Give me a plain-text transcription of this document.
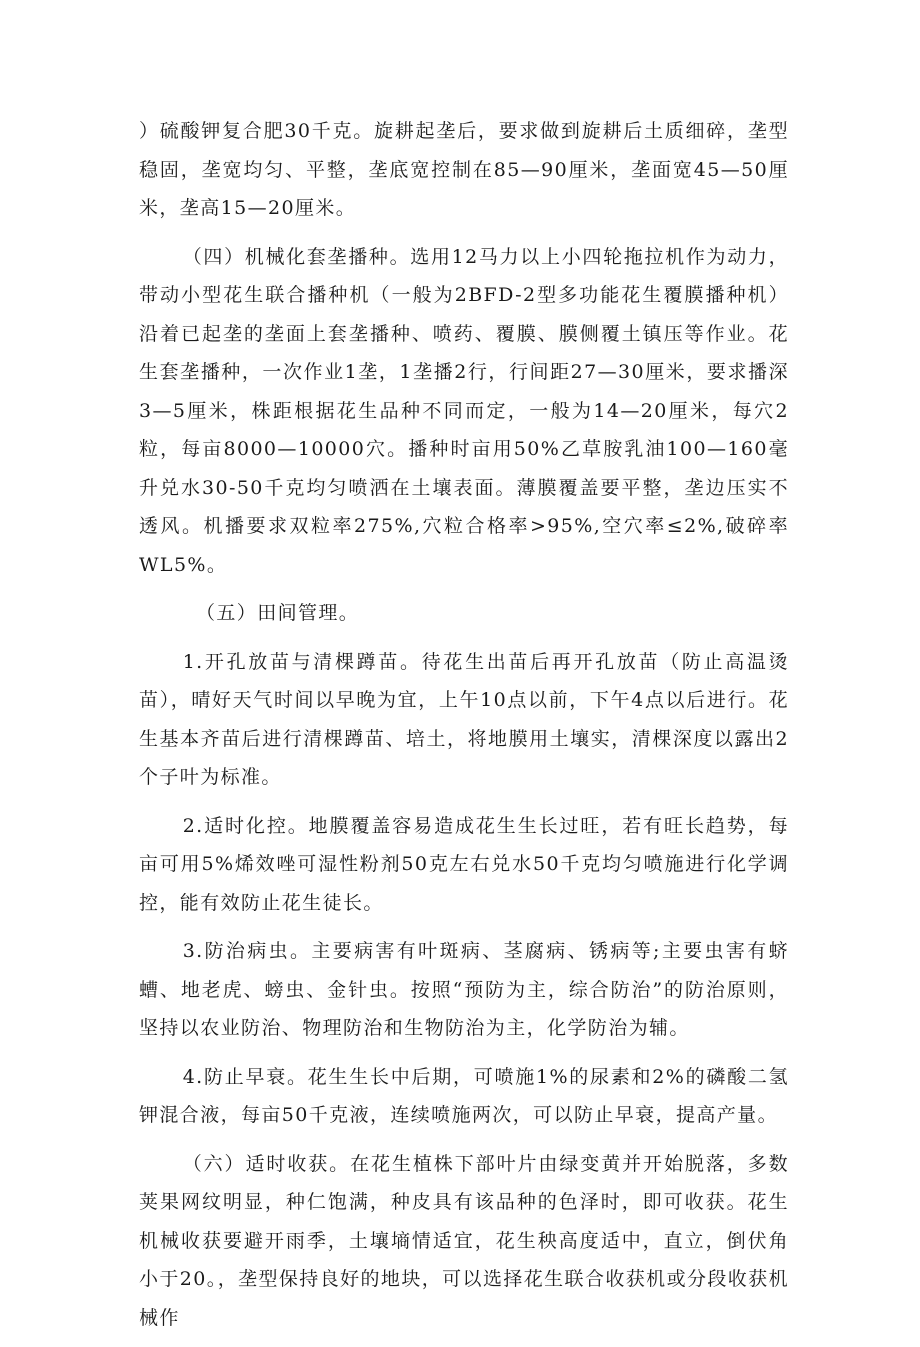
）硫酸钾复合肥30千克。旋耕起垄后，要求做到旋耕后土质细碎，垄型稳固，垄宽均匀、平整，垄底宽控制在85—90厘米，垄面宽45—50厘米，垄高15—20厘米。

（四）机械化套垄播种。选用12马力以上小四轮拖拉机作为动力，带动小型花生联合播种机（一般为2BFD-2型多功能花生覆膜播种机）沿着已起垄的垄面上套垄播种、喷药、覆膜、膜侧覆土镇压等作业。花生套垄播种，一次作业1垄，1垄播2行，行间距27—30厘米，要求播深3—5厘米，株距根据花生品种不同而定，一般为14—20厘米，每穴2粒，每亩8000—10000穴。播种时亩用50%乙草胺乳油100—160毫升兑水30-50千克均匀喷洒在土壤表面。薄膜覆盖要平整，垄边压实不透风。机播要求双粒率275%,穴粒合格率>95%,空穴率≤2%,破碎率WL5%。

（五）田间管理。

1.开孔放苗与清棵蹲苗。待花生出苗后再开孔放苗（防止高温烫苗），晴好天气时间以早晚为宜，上午10点以前，下午4点以后进行。花生基本齐苗后进行清棵蹲苗、培土，将地膜用土壤实，清棵深度以露出2个子叶为标准。

2.适时化控。地膜覆盖容易造成花生生长过旺，若有旺长趋势，每亩可用5%烯效唑可湿性粉剂50克左右兑水50千克均匀喷施进行化学调控，能有效防止花生徒长。

3.防治病虫。主要病害有叶斑病、茎腐病、锈病等;主要虫害有蛴螬、地老虎、螃虫、金针虫。按照“预防为主，综合防治”的防治原则，坚持以农业防治、物理防治和生物防治为主，化学防治为辅。

4.防止早衰。花生生长中后期，可喷施1%的尿素和2%的磷酸二氢钾混合液，每亩50千克液，连续喷施两次，可以防止早衰，提高产量。

（六）适时收获。在花生植株下部叶片由绿变黄并开始脱落，多数荚果网纹明显，种仁饱满，种皮具有该品种的色泽时，即可收获。花生机械收获要避开雨季，土壤墒情适宜，花生秧高度适中，直立，倒伏角小于20。，垄型保持良好的地块，可以选择花生联合收获机或分段收获机械作
